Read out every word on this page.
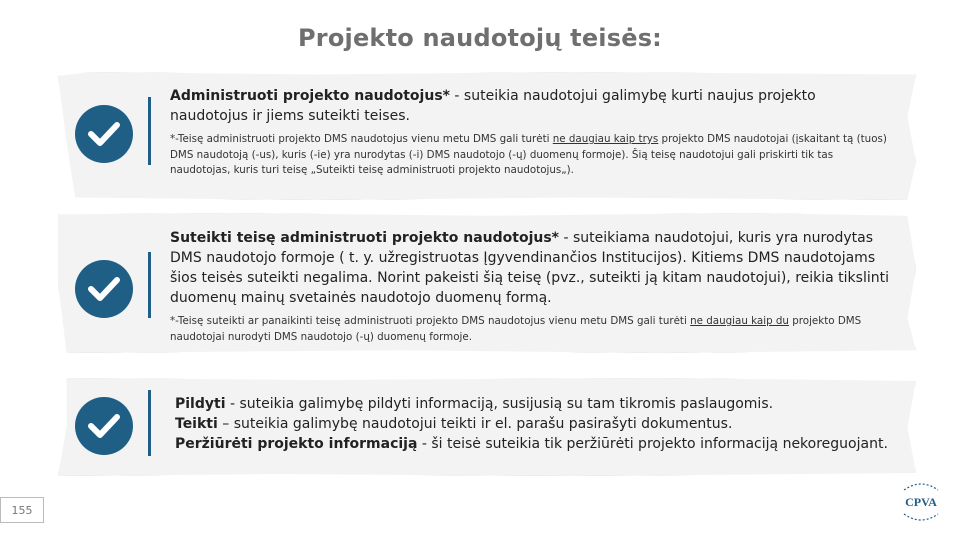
Projekto naudotojų teisės:
Administruoti projekto naudotojus* - suteikia naudotojui galimybę kurti naujus projekto naudotojus ir jiems suteikti teises.
*-Teisę administruoti projekto DMS naudotojus vienu metu DMS gali turėti ne daugiau kaip trys projekto DMS naudotojai (įskaitant tą (tuos) DMS naudotoją (-us), kuris (-ie) yra nurodytas (-i) DMS naudotojo (-ų) duomenų formoje). Šią teisę naudotojui gali priskirti tik tas naudotojas, kuris turi teisę „Suteikti teisę administruoti projekto naudotojus„).
Suteikti teisę administruoti projekto naudotojus* - suteikiama naudotojui, kuris yra nurodytas DMS naudotojo formoje ( t. y. užregistruotas Įgyvendinančios Institucijos). Kitiems DMS naudotojams šios teisės suteikti negalima. Norint pakeisti šią teisę (pvz., suteikti ją kitam naudotojui), reikia tikslinti duomenų mainų svetainės naudotojo duomenų formą.
*-Teisę suteikti ar panaikinti teisę administruoti projekto DMS naudotojus vienu metu DMS gali turėti ne daugiau kaip du projekto DMS naudotojai nurodyti DMS naudotojo (-ų) duomenų formoje.
Pildyti - suteikia galimybę pildyti informaciją, susijusią su tam tikromis paslaugomis.
Teikti – suteikia galimybę naudotojui teikti ir el. parašu pasirašyti dokumentus.
Peržiūrėti projekto informaciją - ši teisė suteikia tik peržiūrėti projekto informaciją nekoreguojant.
155
CPVA
